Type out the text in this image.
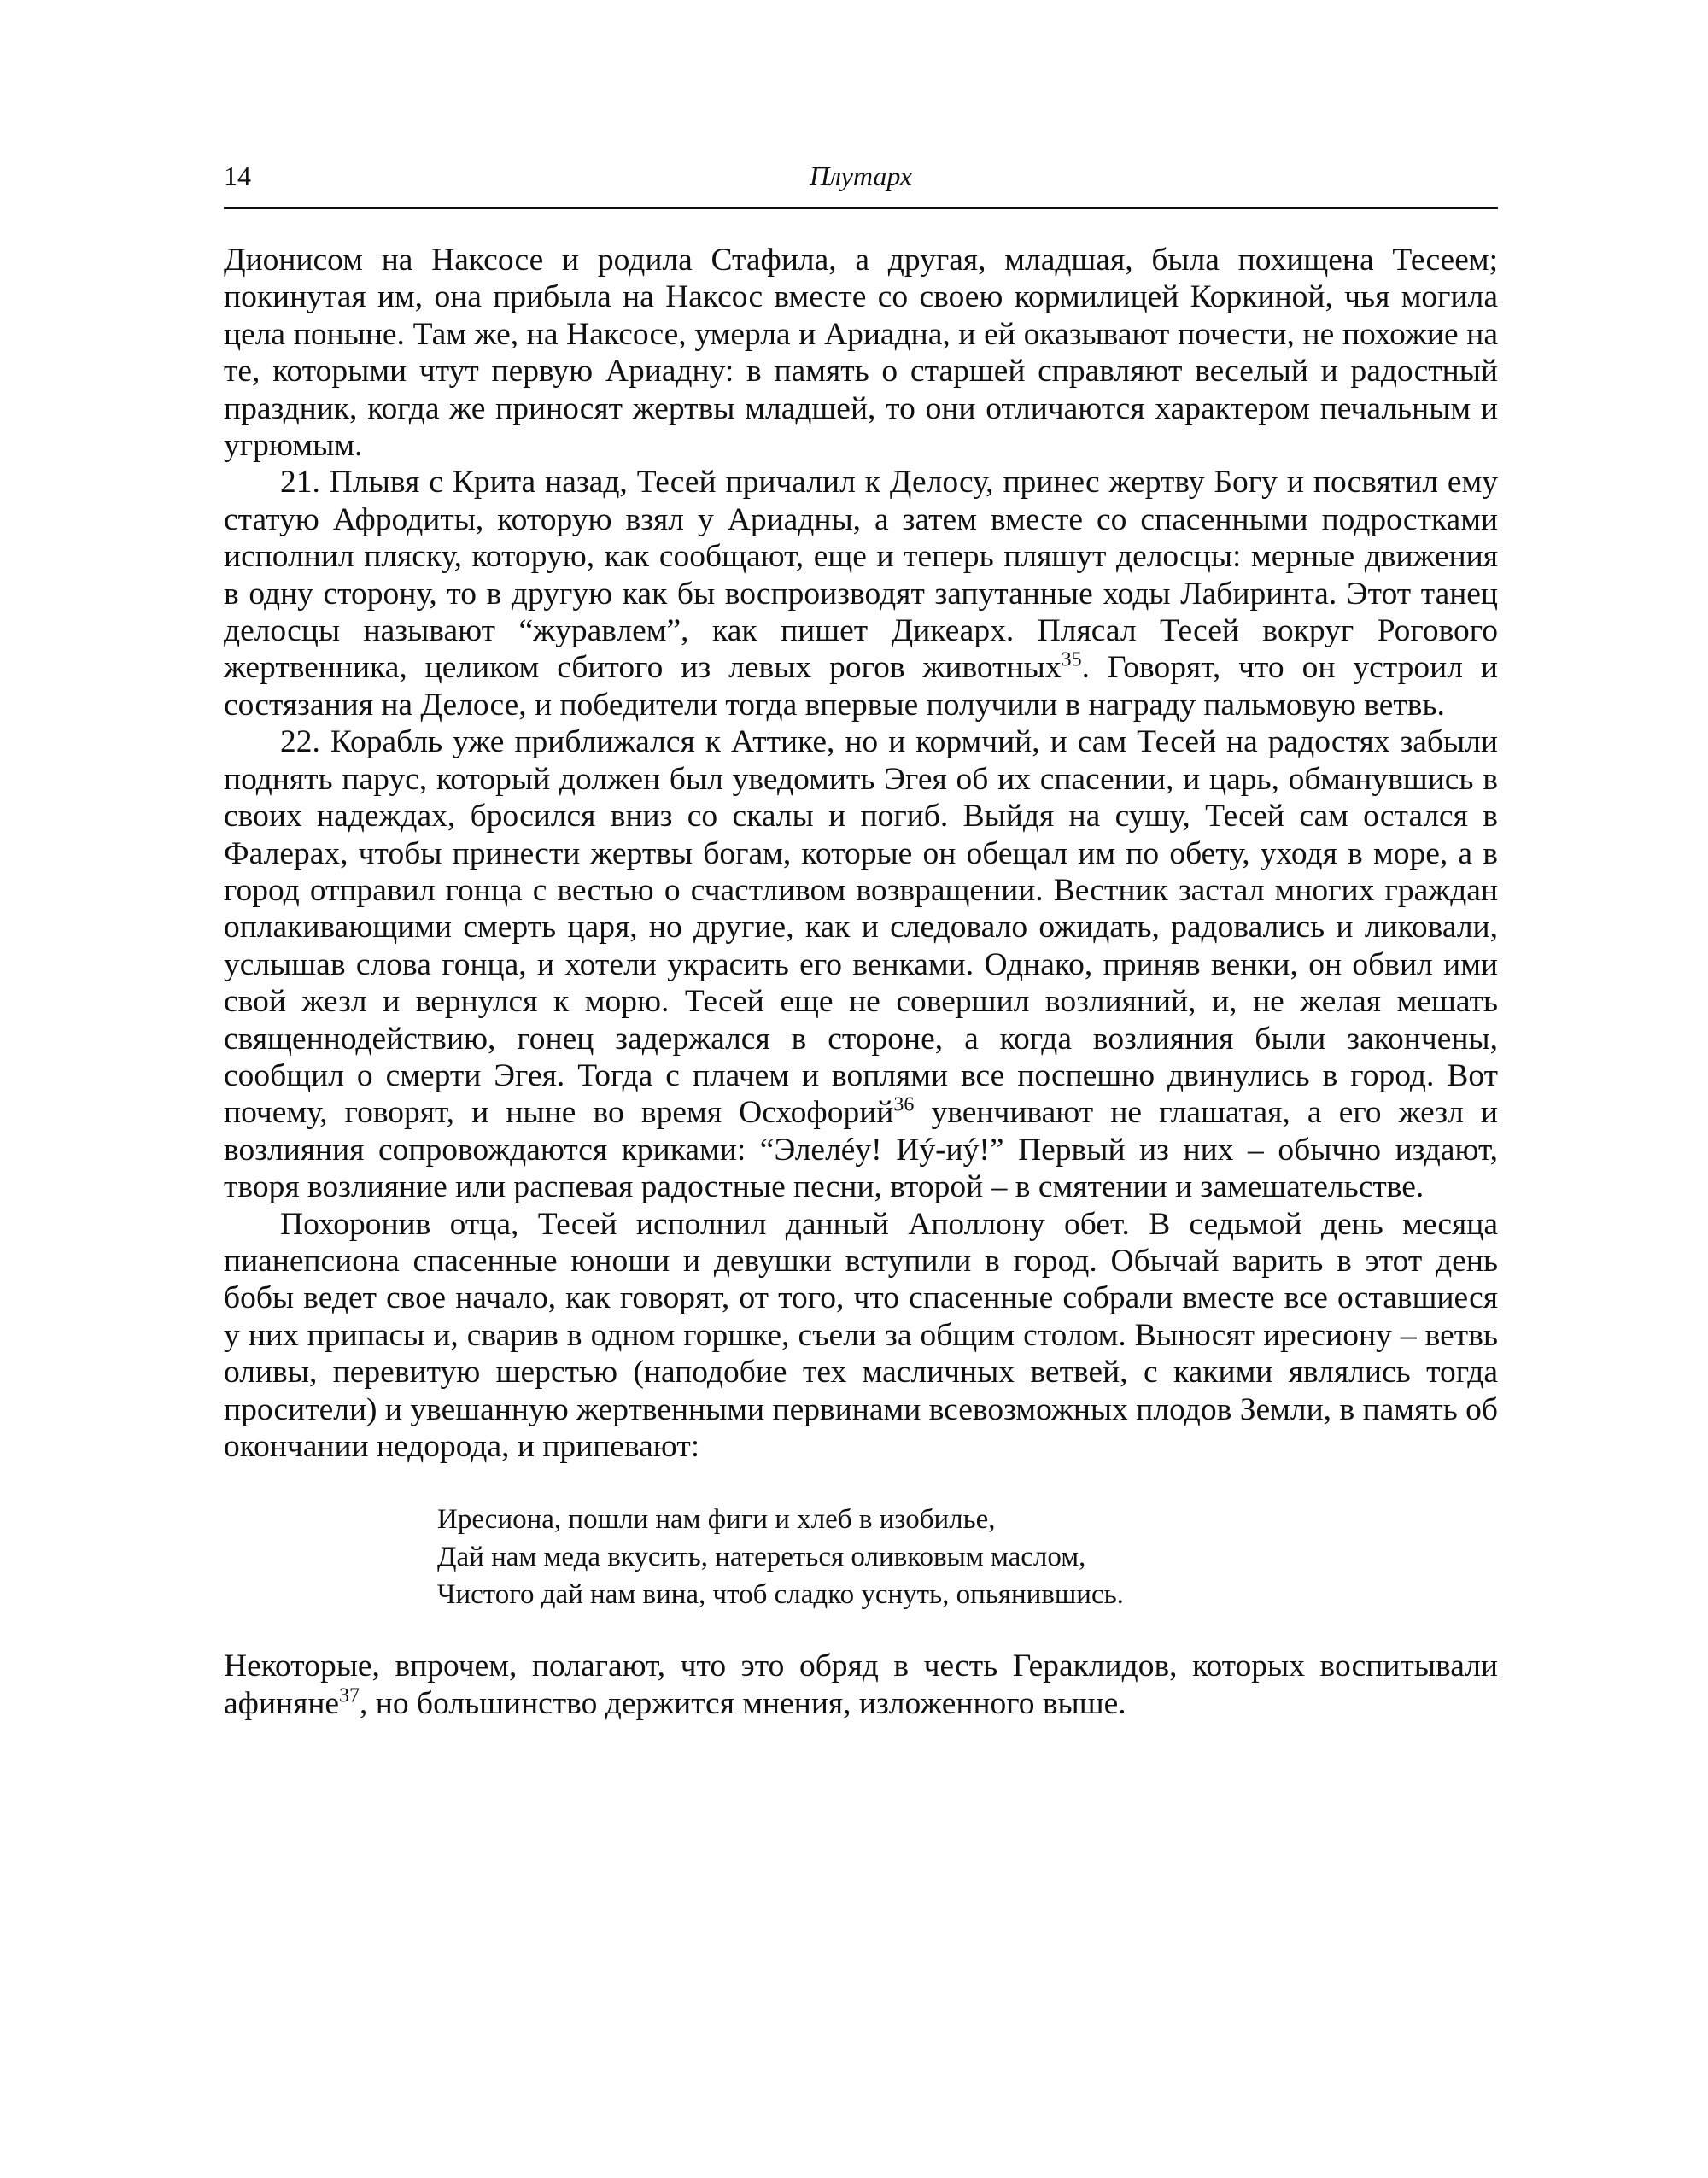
14	Плутарх

Дионисом на Наксосе и родила Стафила, а другая, младшая, была похищена Тесеем; покинутая им, она прибыла на Наксос вместе со своею кормилицей Коркиной, чья могила цела поныне. Там же, на Наксосе, умерла и Ариадна, и ей оказывают почести, не похожие на те, которыми чтут первую Ариадну: в память о старшей справляют веселый и радостный праздник, когда же приносят жертвы младшей, то они отличаются характером печальным и угрюмым.

21. Плывя с Крита назад, Тесей причалил к Делосу, принес жертву Богу и посвятил ему статую Афродиты, которую взял у Ариадны, а затем вместе со спасенными подростками исполнил пляску, которую, как сообщают, еще и теперь пляшут делосцы: мерные движения в одну сторону, то в другую как бы воспроизводят запутанные ходы Лабиринта. Этот танец делосцы называют “журавлем”, как пишет Дикеарх. Плясал Тесей вокруг Рогового жертвенника, целиком сбитого из левых рогов животных$^{35}$. Говорят, что он устроил и состязания на Делосе, и победители тогда впервые получили в награду пальмовую ветвь.

22. Корабль уже приближался к Аттике, но и кормчий, и сам Тесей на радостях забыли поднять парус, который должен был уведомить Эгея об их спасении, и царь, обманувшись в своих надеждах, бросился вниз со скалы и погиб. Выйдя на сушу, Тесей сам остался в Фалерах, чтобы принести жертвы богам, которые он обещал им по обету, уходя в море, а в город отправил гонца с вестью о счастливом возвращении. Вестник застал многих граждан оплакивающими смерть царя, но другие, как и следовало ожидать, радовались и ликовали, услышав слова гонца, и хотели украсить его венками. Однако, приняв венки, он обвил ими свой жезл и вернулся к морю. Тесей еще не совершил возлияний, и, не желая мешать священнодействию, гонец задержался в стороне, а когда возлияния были закончены, сообщил о смерти Эгея. Тогда с плачем и воплями все поспешно двинулись в город. Вот почему, говорят, и ныне во время Осхофорий$^{36}$ увенчивают не глашатая, а его жезл и возлияния сопровождаются криками: “Элелéу! Иý-иý!” Первый из них – обычно издают, творя возлияние или распевая радостные песни, второй – в смятении и замешательстве.

Похоронив отца, Тесей исполнил данный Аполлону обет. В седьмой день месяца пианепсиона спасенные юноши и девушки вступили в город. Обычай варить в этот день бобы ведет свое начало, как говорят, от того, что спасенные собрали вместе все оставшиеся у них припасы и, сварив в одном горшке, съели за общим столом. Выносят иресиону – ветвь оливы, перевитую шерстью (наподобие тех масличных ветвей, с какими являлись тогда просители) и увешанную жертвенными первинами всевозможных плодов Земли, в память об окончании недорода, и припевают:

Иресиона, пошли нам фиги и хлеб в изобилье,
Дай нам меда вкусить, натереться оливковым маслом,
Чистого дай нам вина, чтоб сладко уснуть, опьянившись.

Некоторые, впрочем, полагают, что это обряд в честь Гераклидов, которых воспитывали афиняне$^{37}$, но большинство держится мнения, изложенного выше.
